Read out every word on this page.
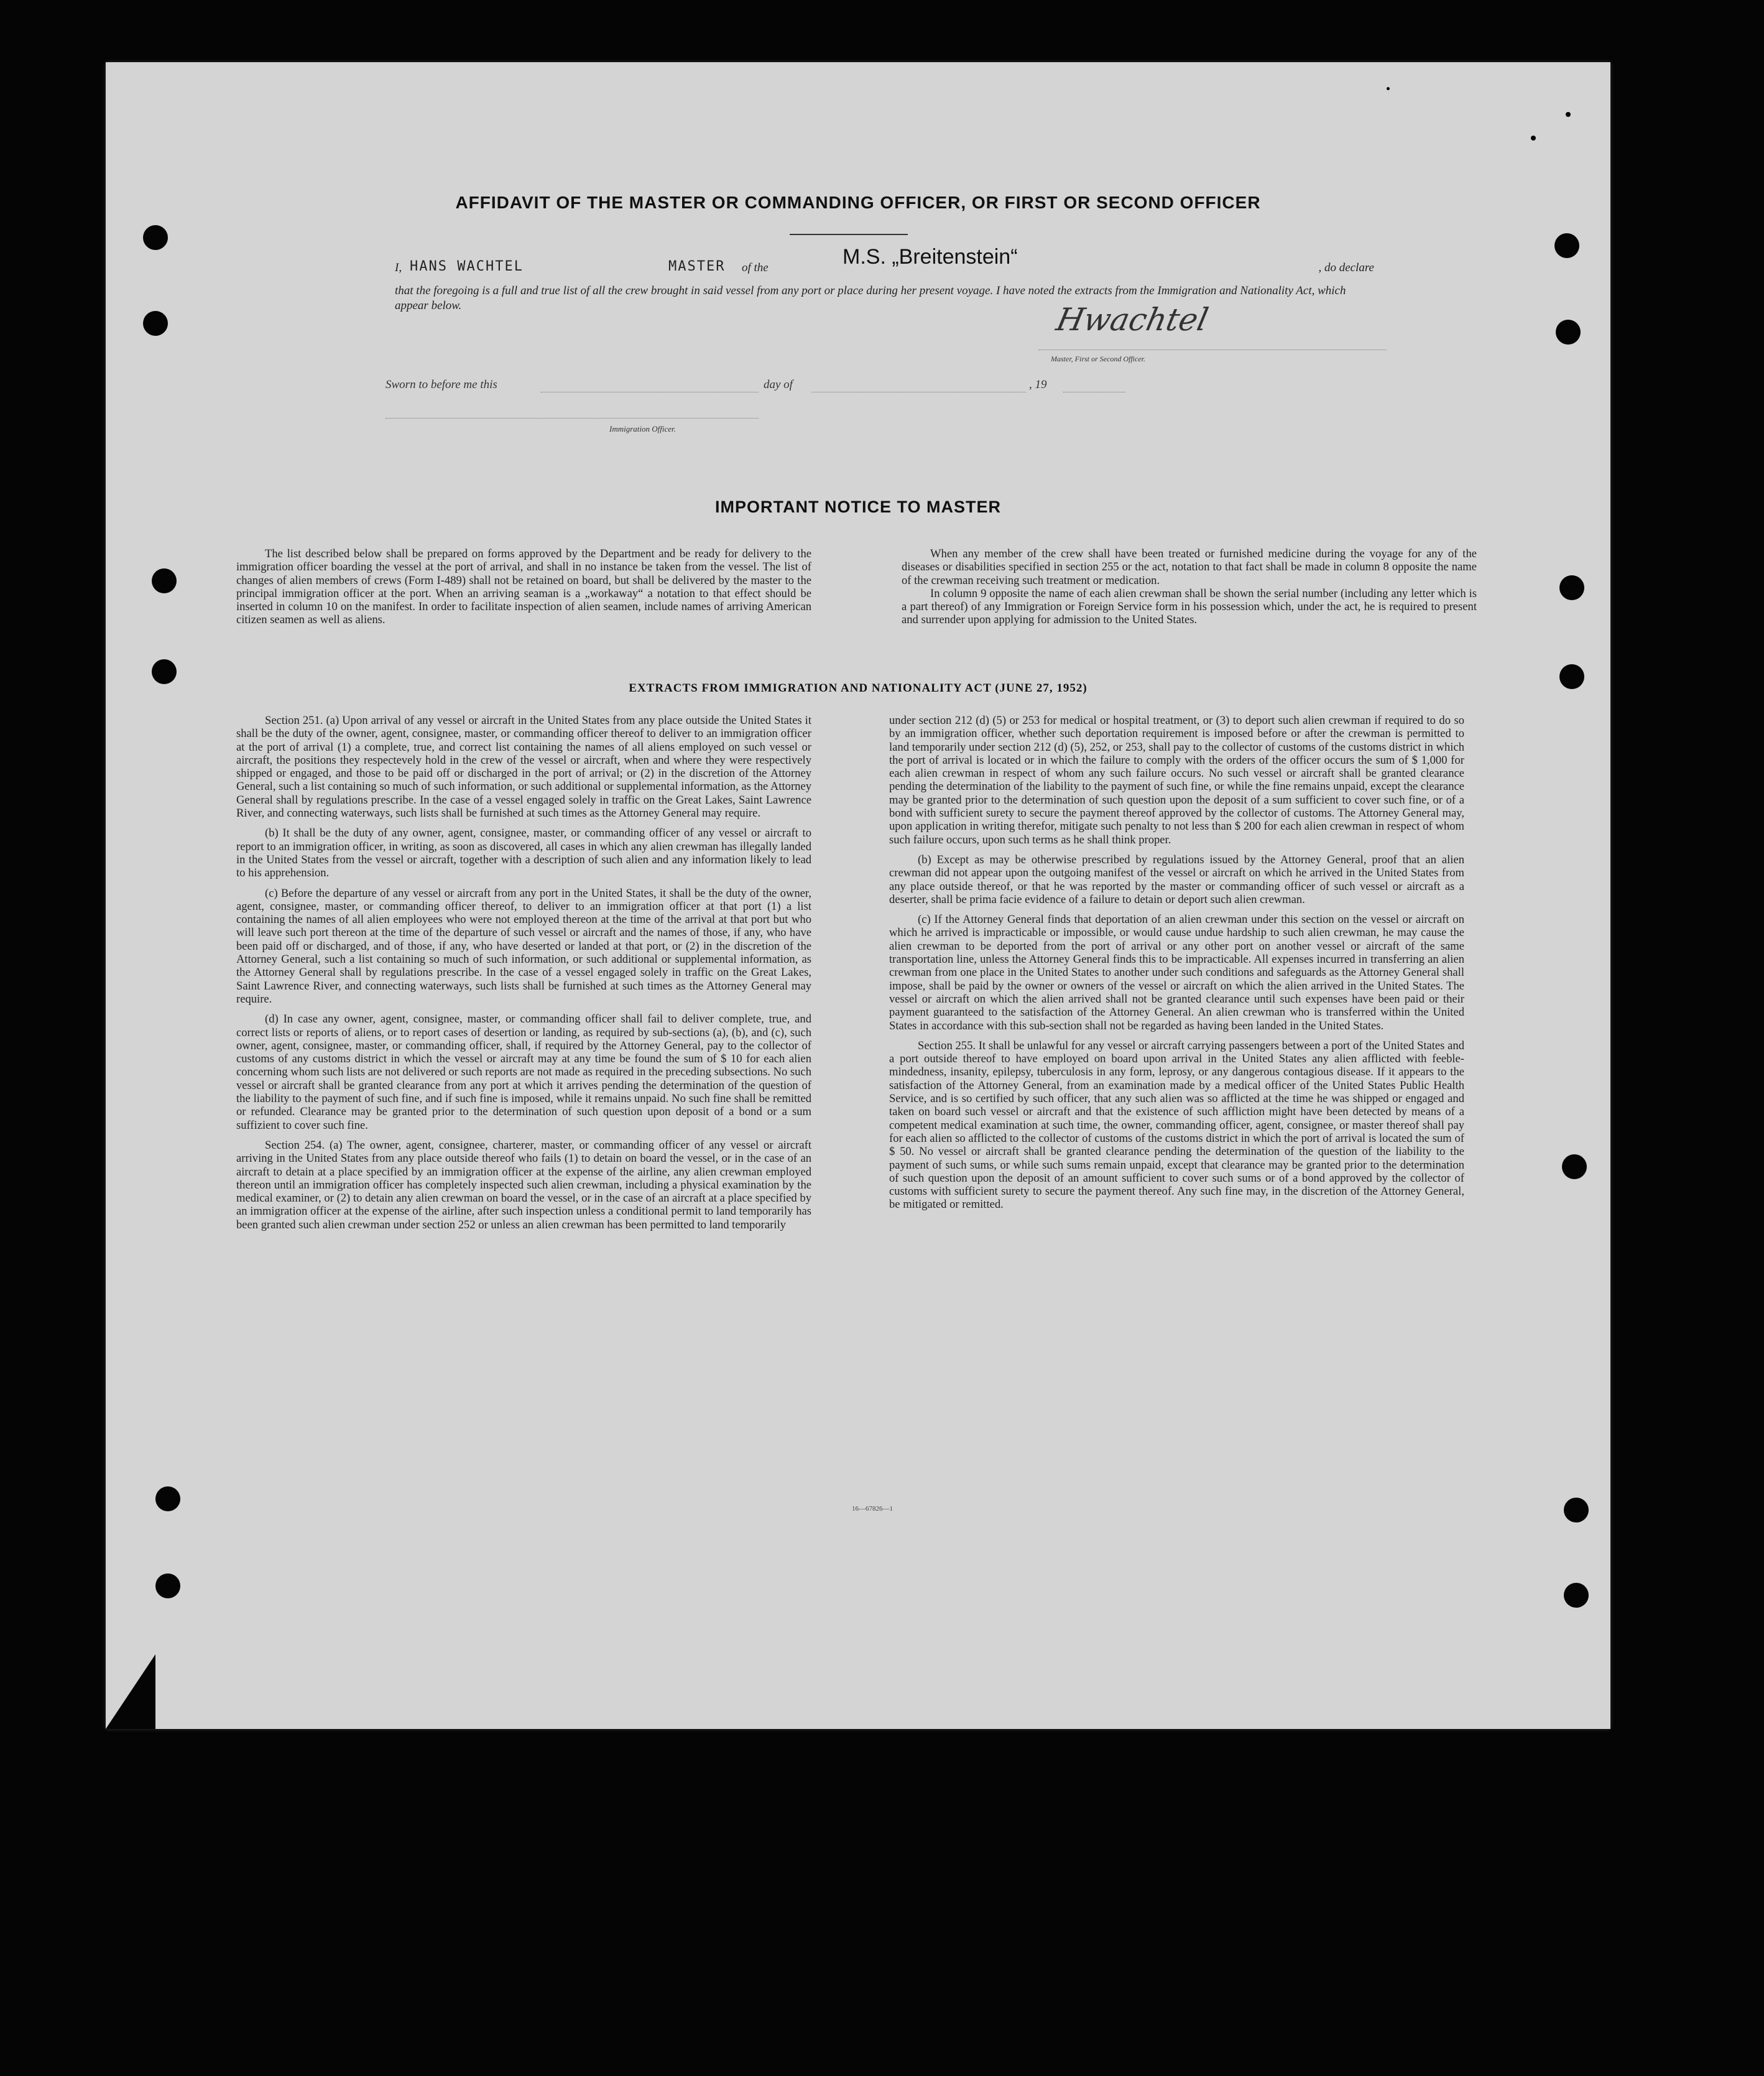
AFFIDAVIT OF THE MASTER OR COMMANDING OFFICER, OR FIRST OR SECOND OFFICER
I, HANS WACHTEL	MASTER of the	M.S. „Breitenstein“	, do declare
that the foregoing is a full and true list of all the crew brought in said vessel from any port or place during her present voyage. I have noted the extracts from the Immigration and Nationality Act, which appear below.	Hwachtel
Master, First or Second Officer.
Sworn to before me this	day of	, 19
Immigration Officer.
IMPORTANT NOTICE TO MASTER

The list described below shall be prepared on forms approved by the Department and be ready for delivery to the immigration officer boarding the vessel at the port of arrival, and shall in no instance be taken from the vessel. The list of changes of alien members of crews (Form I-489) shall not be retained on board, but shall be delivered by the master to the principal immigration officer at the port. When an arriving seaman is a „workaway“ a notation to that effect should be inserted in column 10 on the manifest. In order to facilitate inspection of alien seamen, include names of arriving American citizen seamen as well as aliens.

When any member of the crew shall have been treated or furnished medicine during the voyage for any of the diseases or disabilities specified in section 255 or the act, notation to that fact shall be made in column 8 opposite the name of the crewman receiving such treatment or medication.

In column 9 opposite the name of each alien crewman shall be shown the serial number (including any letter which is a part thereof) of any Immigration or Foreign Service form in his possession which, under the act, he is required to present and surrender upon applying for admission to the United States.

EXTRACTS FROM IMMIGRATION AND NATIONALITY ACT (JUNE 27, 1952)

Section 251. (a) Upon arrival of any vessel or aircraft in the United States from any place outside the United States it shall be the duty of the owner, agent, consignee, master, or commanding officer thereof to deliver to an immigration officer at the port of arrival (1) a complete, true, and correct list containing the names of all aliens employed on such vessel or aircraft, the positions they respectevely hold in the crew of the vessel or aircraft, when and where they were respectively shipped or engaged, and those to be paid off or discharged in the port of arrival; or (2) in the discretion of the Attorney General, such a list containing so much of such information, or such additional or supplemental information, as the Attorney General shall by regulations prescribe. In the case of a vessel engaged solely in traffic on the Great Lakes, Saint Lawrence River, and connecting waterways, such lists shall be furnished at such times as the Attorney General may require.

(b) It shall be the duty of any owner, agent, consignee, master, or commanding officer of any vessel or aircraft to report to an immigration officer, in writing, as soon as discovered, all cases in which any alien crewman has illegally landed in the United States from the vessel or aircraft, together with a description of such alien and any information likely to lead to his apprehension.

(c) Before the departure of any vessel or aircraft from any port in the United States, it shall be the duty of the owner, agent, consignee, master, or commanding officer thereof, to deliver to an immigration officer at that port (1) a list containing the names of all alien employees who were not employed thereon at the time of the arrival at that port but who will leave such port thereon at the time of the departure of such vessel or aircraft and the names of those, if any, who have been paid off or discharged, and of those, if any, who have deserted or landed at that port, or (2) in the discretion of the Attorney General, such a list containing so much of such information, or such additional or supplemental information, as the Attorney General shall by regulations prescribe. In the case of a vessel engaged solely in traffic on the Great Lakes, Saint Lawrence River, and connecting waterways, such lists shall be furnished at such times as the Attorney General may require.

(d) In case any owner, agent, consignee, master, or commanding officer shall fail to deliver complete, true, and correct lists or reports of aliens, or to report cases of desertion or landing, as required by sub-sections (a), (b), and (c), such owner, agent, consignee, master, or commanding officer, shall, if required by the Attorney General, pay to the collector of customs of any customs district in which the vessel or aircraft may at any time be found the sum of $ 10 for each alien concerning whom such lists are not delivered or such reports are not made as required in the preceding subsections. No such vessel or aircraft shall be granted clearance from any port at which it arrives pending the determination of the question of the liability to the payment of such fine, and if such fine is imposed, while it remains unpaid. No such fine shall be remitted or refunded. Clearance may be granted prior to the determination of such question upon deposit of a bond or a sum suffizient to cover such fine.

Section 254. (a) The owner, agent, consignee, charterer, master, or commanding officer of any vessel or aircraft arriving in the United States from any place outside thereof who fails (1) to detain on board the vessel, or in the case of an aircraft to detain at a place specified by an immigration officer at the expense of the airline, any alien crewman employed thereon until an immigration officer has completely inspected such alien crewman, including a physical examination by the medical examiner, or (2) to detain any alien crewman on board the vessel, or in the case of an aircraft at a place specified by an immigration officer at the expense of the airline, after such inspection unless a conditional permit to land temporarily has been granted such alien crewman under section 252 or unless an alien crewman has been permitted to land temporarily

under section 212 (d) (5) or 253 for medical or hospital treatment, or (3) to deport such alien crewman if required to do so by an immigration officer, whether such deportation requirement is imposed before or after the crewman is permitted to land temporarily under section 212 (d) (5), 252, or 253, shall pay to the collector of customs of the customs district in which the port of arrival is located or in which the failure to comply with the orders of the officer occurs the sum of $ 1,000 for each alien crewman in respect of whom any such failure occurs. No such vessel or aircraft shall be granted clearance pending the determination of the liability to the payment of such fine, or while the fine remains unpaid, except the clearance may be granted prior to the determination of such question upon the deposit of a sum sufficient to cover such fine, or of a bond with sufficient surety to secure the payment thereof approved by the collector of customs. The Attorney General may, upon application in writing therefor, mitigate such penalty to not less than $ 200 for each alien crewman in respect of whom such failure occurs, upon such terms as he shall think proper.

(b) Except as may be otherwise prescribed by regulations issued by the Attorney General, proof that an alien crewman did not appear upon the outgoing manifest of the vessel or aircraft on which he arrived in the United States from any place outside thereof, or that he was reported by the master or commanding officer of such vessel or aircraft as a deserter, shall be prima facie evidence of a failure to detain or deport such alien crewman.

(c) If the Attorney General finds that deportation of an alien crewman under this section on the vessel or aircraft on which he arrived is impracticable or impossible, or would cause undue hardship to such alien crewman, he may cause the alien crewman to be deported from the port of arrival or any other port on another vessel or aircraft of the same transportation line, unless the Attorney General finds this to be impracticable. All expenses incurred in transferring an alien crewman from one place in the United States to another under such conditions and safeguards as the Attorney General shall impose, shall be paid by the owner or owners of the vessel or aircraft on which the alien arrived in the United States. The vessel or aircraft on which the alien arrived shall not be granted clearance until such expenses have been paid or their payment guaranteed to the satisfaction of the Attorney General. An alien crewman who is transferred within the United States in accordance with this sub-section shall not be regarded as having been landed in the United States.

Section 255. It shall be unlawful for any vessel or aircraft carrying passengers between a port of the United States and a port outside thereof to have employed on board upon arrival in the United States any alien afflicted with feeble-mindedness, insanity, epilepsy, tuberculosis in any form, leprosy, or any dangerous contagious disease. If it appears to the satisfaction of the Attorney General, from an examination made by a medical officer of the United States Public Health Service, and is so certified by such officer, that any such alien was so afflicted at the time he was shipped or engaged and taken on board such vessel or aircraft and that the existence of such affliction might have been detected by means of a competent medical examination at such time, the owner, commanding officer, agent, consignee, or master thereof shall pay for each alien so afflicted to the collector of customs of the customs district in which the port of arrival is located the sum of $ 50. No vessel or aircraft shall be granted clearance pending the determination of the question of the liability to the payment of such sums, or while such sums remain unpaid, except that clearance may be granted prior to the determination of such question upon the deposit of an amount sufficient to cover such sums or of a bond approved by the collector of customs with sufficient surety to secure the payment thereof. Any such fine may, in the discretion of the Attorney General, be mitigated or remitted.

16—67826—1
